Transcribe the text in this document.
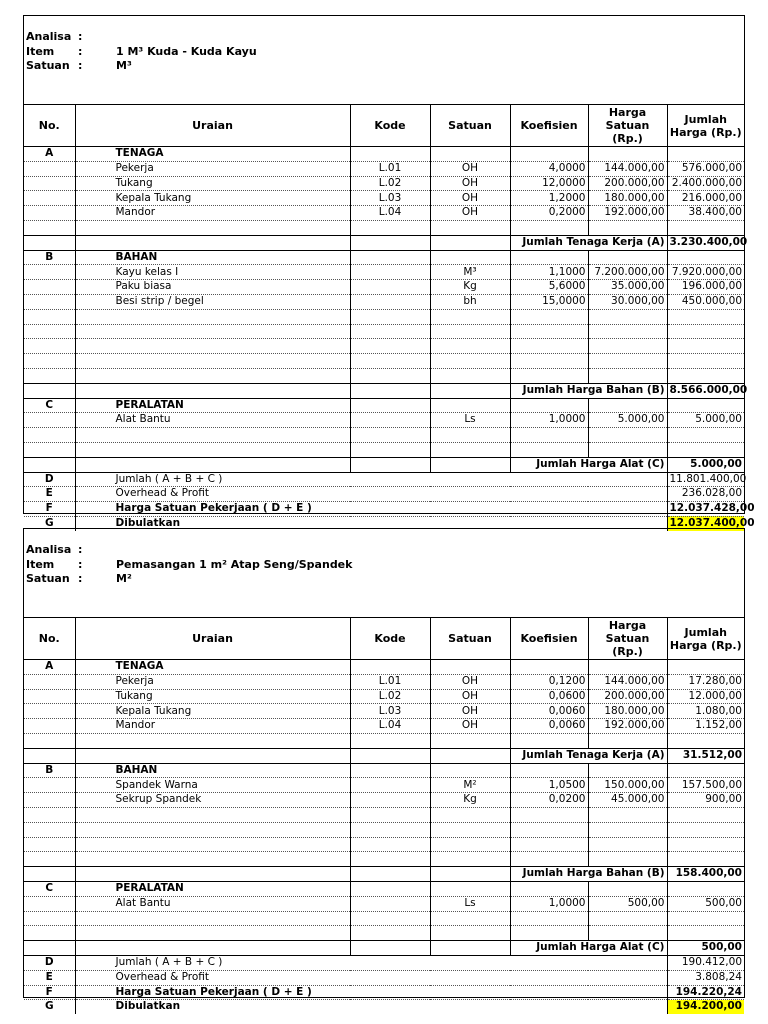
Analisa :
Item	:	1 M³ Kuda - Kuda Kayu
Satuan :	M³
No.	Uraian	Kode	Satuan	Koefisien	Harga Satuan (Rp.)	Jumlah Harga (Rp.)
A	TENAGA					
	Pekerja	L.01	OH	4,0000	144.000,00	576.000,00
	Tukang	L.02	OH	12,0000	200.000,00	2.400.000,00
	Kepala Tukang	L.03	OH	1,2000	180.000,00	216.000,00
	Mandor	L.04	OH	0,2000	192.000,00	38.400,00

				Jumlah Tenaga Kerja (A)		3.230.400,00
B	BAHAN					
	Kayu kelas I		M³	1,1000	7.200.000,00	7.920.000,00
	Paku biasa		Kg	5,6000	35.000,00	196.000,00
	Besi strip / begel		bh	15,0000	30.000,00	450.000,00

				Jumlah Harga Bahan (B)		8.566.000,00
C	PERALATAN					
	Alat Bantu		Ls	1,0000	5.000,00	5.000,00

				Jumlah Harga Alat (C)		5.000,00
D	Jumlah ( A + B + C )					11.801.400,00
E	Overhead & Profit					236.028,00
F	Harga Satuan Pekerjaan ( D + E )					12.037.428,00
G	Dibulatkan					12.037.400,00
Analisa :
Item	:	Pemasangan 1 m² Atap Seng/Spandek
Satuan :	M²
No.	Uraian	Kode	Satuan	Koefisien	Harga Satuan (Rp.)	Jumlah Harga (Rp.)
A	TENAGA					
	Pekerja	L.01	OH	0,1200	144.000,00	17.280,00
	Tukang	L.02	OH	0,0600	200.000,00	12.000,00
	Kepala Tukang	L.03	OH	0,0060	180.000,00	1.080,00
	Mandor	L.04	OH	0,0060	192.000,00	1.152,00

				Jumlah Tenaga Kerja (A)		31.512,00
B	BAHAN					
	Spandek Warna		M²	1,0500	150.000,00	157.500,00
	Sekrup Spandek		Kg	0,0200	45.000,00	900,00

				Jumlah Harga Bahan (B)		158.400,00
C	PERALATAN					
	Alat Bantu		Ls	1,0000	500,00	500,00

				Jumlah Harga Alat (C)		500,00
D	Jumlah ( A + B + C )					190.412,00
E	Overhead & Profit					3.808,24
F	Harga Satuan Pekerjaan ( D + E )					194.220,24
G	Dibulatkan					194.200,00
